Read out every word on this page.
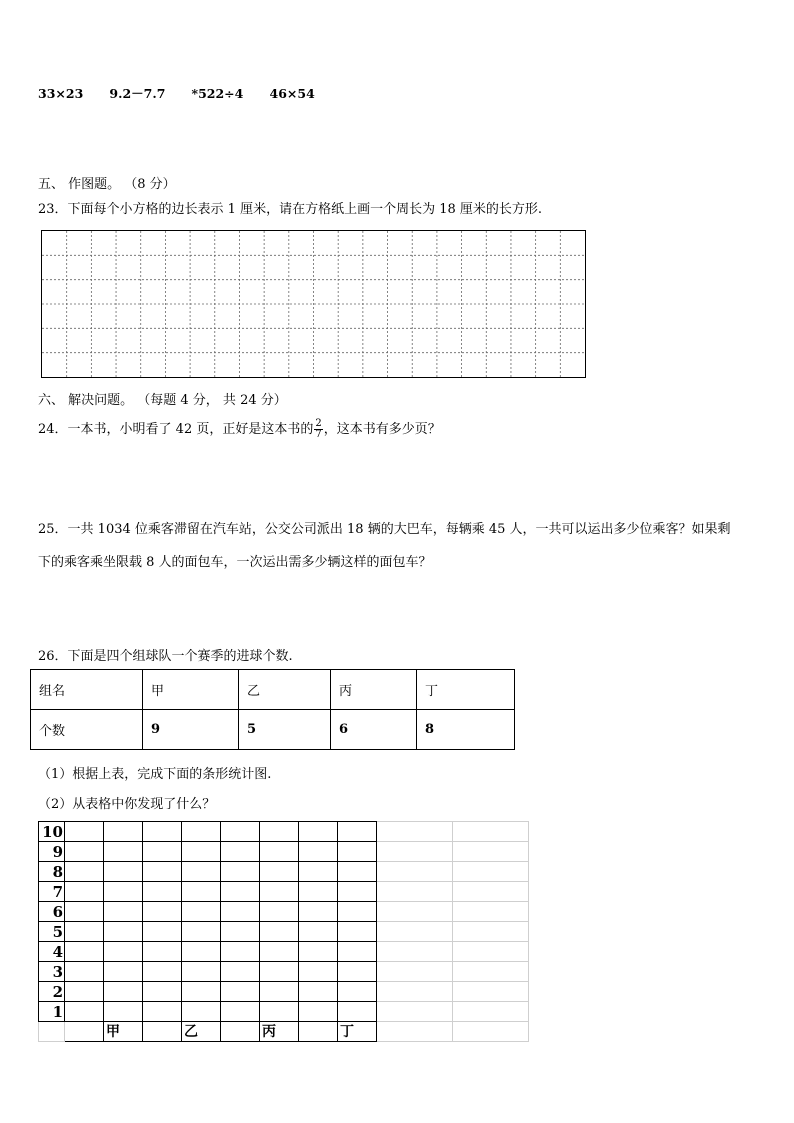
33×23 9.2－7.7 *522÷4 46×54
五、 作图题。 （8 分）
23．下面每个小方格的边长表示 1 厘米，请在方格纸上画一个周长为 18 厘米的长方形.
六、 解决问题。 （每题 4 分， 共 24 分）
24．一本书，小明看了 42 页，正好是这本书的 $\frac{2}{7}$ ，这本书有多少页？
25．一共 1034 位乘客滞留在汽车站，公交公司派出 18 辆的大巴车，每辆乘 45 人，一共可以运出多少位乘客？如果剩
下的乘客乘坐限载 8 人的面包车，一次运出需多少辆这样的面包车？
26．下面是四个组球队一个赛季的进球个数.
组名	甲	乙	丙	丁
个数	9	5	6	8
（1）根据上表，完成下面的条形统计图.
（2）从表格中你发现了什么？
10										
9										
8										
7										
6										
5										
4										
3										
2										
1										
		甲		乙		丙		丁		
